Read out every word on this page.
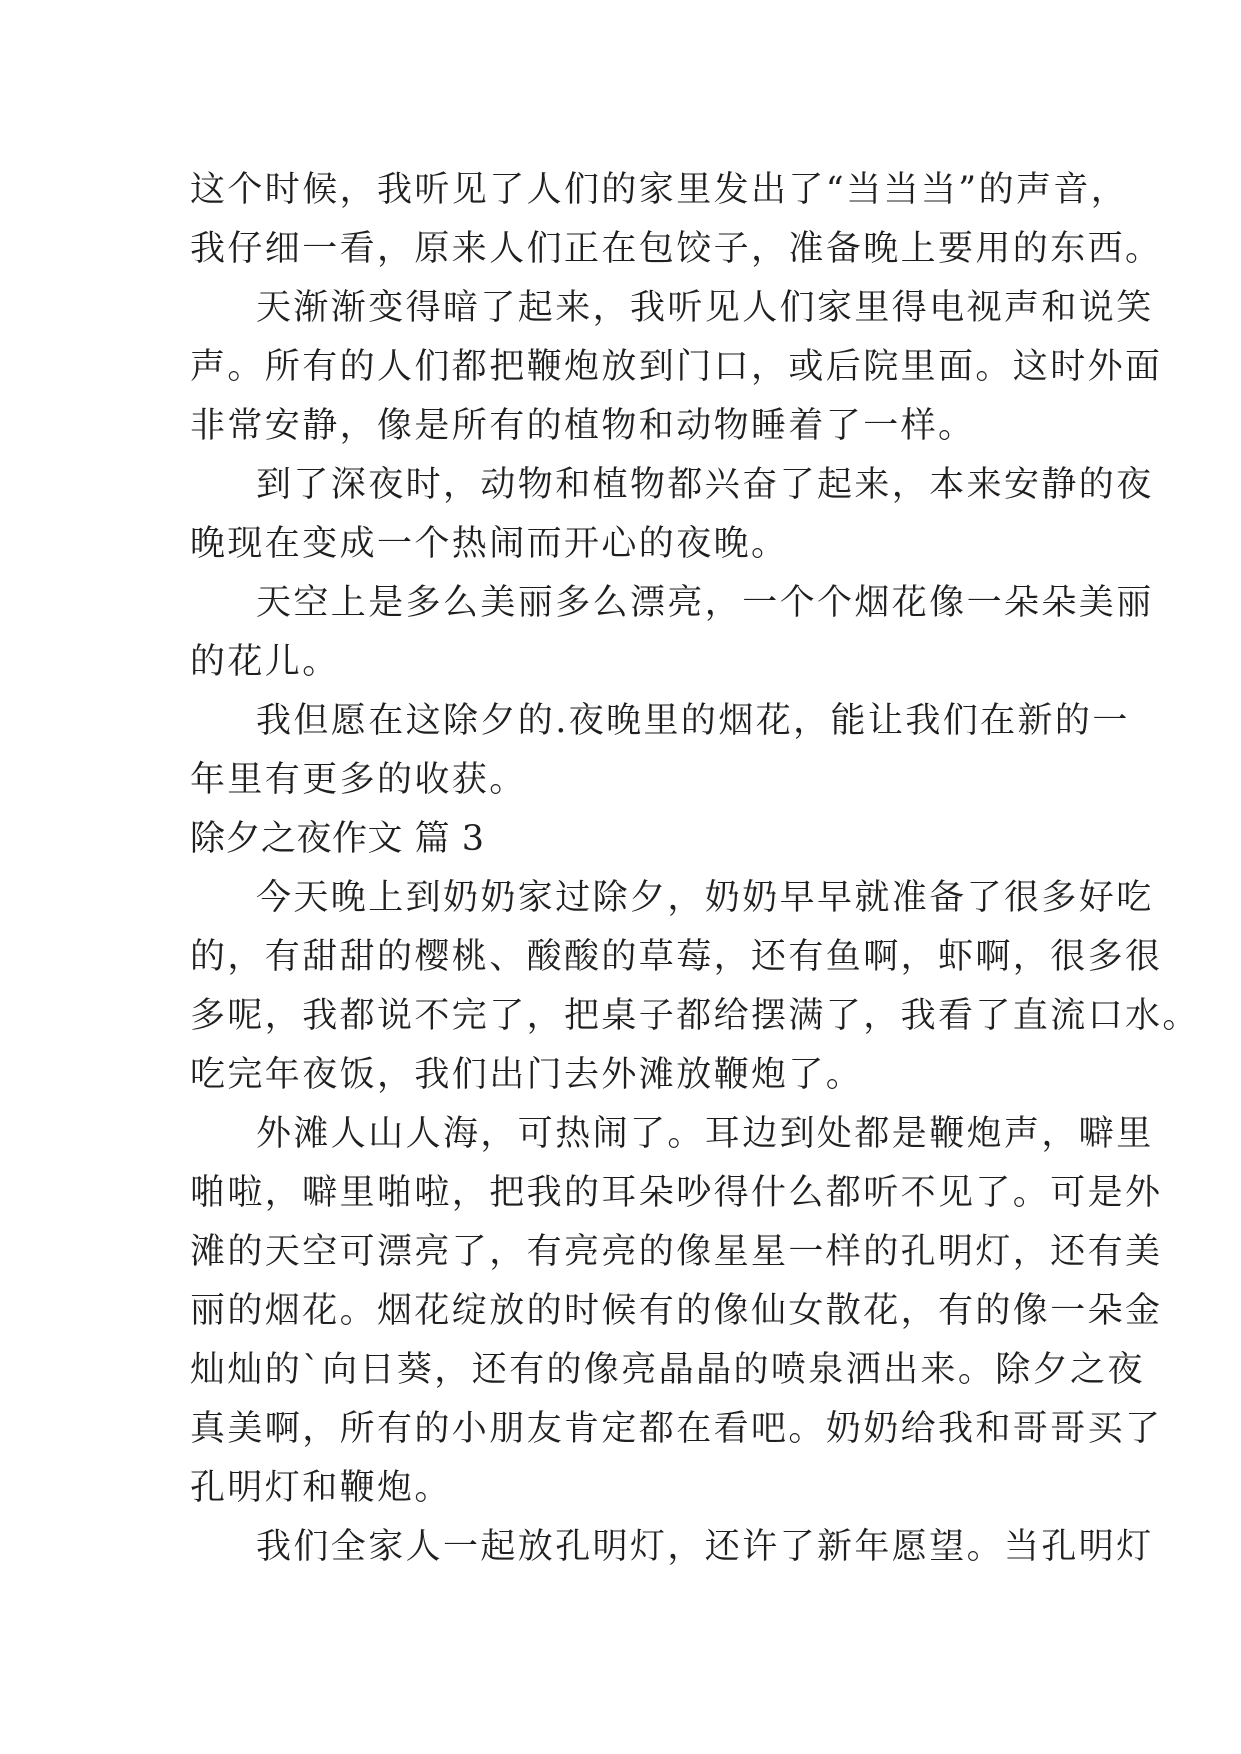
这个时候，我听见了人们的家里发出了“当当当”的声音，
我仔细一看，原来人们正在包饺子，准备晚上要用的东西。
天渐渐变得暗了起来，我听见人们家里得电视声和说笑
声。所有的人们都把鞭炮放到门口，或后院里面。这时外面
非常安静，像是所有的植物和动物睡着了一样。
到了深夜时，动物和植物都兴奋了起来，本来安静的夜
晚现在变成一个热闹而开心的夜晚。
天空上是多么美丽多么漂亮，一个个烟花像一朵朵美丽
的花儿。
我但愿在这除夕的.夜晚里的烟花，能让我们在新的一
年里有更多的收获。
除夕之夜作文 篇 3
今天晚上到奶奶家过除夕，奶奶早早就准备了很多好吃
的，有甜甜的樱桃、酸酸的草莓，还有鱼啊，虾啊，很多很
多呢，我都说不完了，把桌子都给摆满了，我看了直流口水。
吃完年夜饭，我们出门去外滩放鞭炮了。
外滩人山人海，可热闹了。耳边到处都是鞭炮声，噼里
啪啦，噼里啪啦，把我的耳朵吵得什么都听不见了。可是外
滩的天空可漂亮了，有亮亮的像星星一样的孔明灯，还有美
丽的烟花。烟花绽放的时候有的像仙女散花，有的像一朵金
灿灿的`向日葵，还有的像亮晶晶的喷泉洒出来。除夕之夜
真美啊，所有的小朋友肯定都在看吧。奶奶给我和哥哥买了
孔明灯和鞭炮。
我们全家人一起放孔明灯，还许了新年愿望。当孔明灯
